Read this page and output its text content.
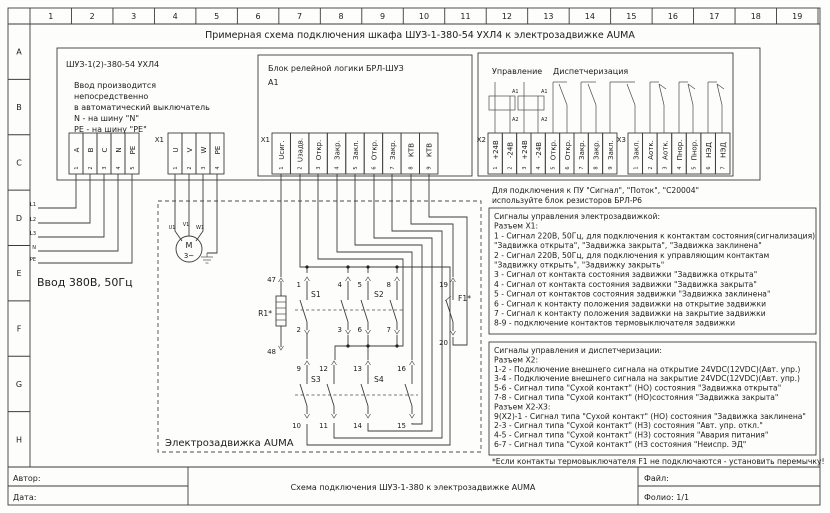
1	2	3	4	5	6	7	8	9	10	11	12	13	14	15	16	17	18	19
A
B
C
D
E
F
G
H
Примерная схема подключения шкафа ШУЗ-1-380-54 УХЛ4 к электрозадвижке AUMA
ШУЗ-1(2)-380-54 УХЛ4
Ввод производится
непосредственно
в автоматический выключатель
N - на шину "N"
PE - на шину "PE"
Блок релейной логики БРЛ-ШУЗ
А1
Управление Диспетчеризация
X1	X1	X2	X3
A
1
B
2
C
3
N
4
PE
5
U
1
V
2
W
3
PE
4
Uсиг.
1
Uзадв.
2
Откр.
3
Закр.
4
Закл.
5
Откр.
6
Закр.
7
КТВ
8
КТВ
9
+24В
1
-24В
2
+24В
3
-24В
4
Откр.
5
Откр.
6
Закр.
7
Закр.
8
Закл.
9
Закл.
1
Аотк.
2
Аотк.
3
Пнор.
4
Пнор.
5
НЭД
6
НЭД
7
А1
А2
А1
А2
Для подключения к ПУ "Сигнал", "Поток", "С20004"
используйте блок резисторов БРЛ-Р6
L1
L2
L3
N
PE
Ввод 380В, 50Гц
M
3~
U1 V1 W1
Электрозадвижка AUMA
R1*
S1	S2
S3	S4
F1*
47
48
1	4 5	8
2	3 6	7
9	12	13	16
10	11	14	15
19
20
Сигналы управления электрозадвижкой:
Разъем X1:
1 - Сигнал 220В, 50Гц, для подключения к контактам состояния(сигнализация)
"Задвижка открыта", "Задвижка закрыта", "Задвижка заклинена"
2 - Сигнал 220В, 50Гц, для подключения к управляющим контактам
"Задвижку открыть", "Задвижку закрыть"
3 - Сигнал от контакта состояния задвижки "Задвижка открыта"
4 - Сигнал от контакта состояния задвижки "Задвижка закрыта"
5 - Сигнал от контактов состояния задвижки "Задвижка заклинена"
6 - Сигнал к контакту положения задвижки на открытие задвижки
7 - Сигнал к контакту положения задвижки на закрытие задвижки
8-9 - подключение контактов термовыключателя задвижки
Сигналы управления и диспетчеризации:
Разъем X2:
1-2 - Подключение внешнего сигнала на открытие 24VDC(12VDC)(Авт. упр.)
3-4 - Подключение внешнего сигнала на закрытие 24VDC(12VDC)(Авт. упр.)
5-6 - Сигнал типа "Сухой контакт" (НО) состояния "Задвижка открыта"
7-8 - Сигнал типа "Сухой контакт" (НО)состояния "Задвижка закрыта"
Разъем X2-X3:
9(X2)-1 - Сигнал типа "Сухой контакт" (НО) состояния "Задвижка заклинена"
2-3 - Сигнал типа "Сухой контакт" (НЗ) состояния "Авт. упр. откл."
4-5 - Сигнал типа "Сухой контакт" (НЗ) состояния "Авария питания"
6-7 - Сигнал типа "Сухой контакт" (НЗ состояния "Неиспр. ЭД"
*Если контакты термовыключателя F1 не подключаются - установить перемычку!
Автор:
Дата:
Схема подключения ШУЗ-1-380 к электрозадвижке AUMA
Файл:
Фолио: 1/1
